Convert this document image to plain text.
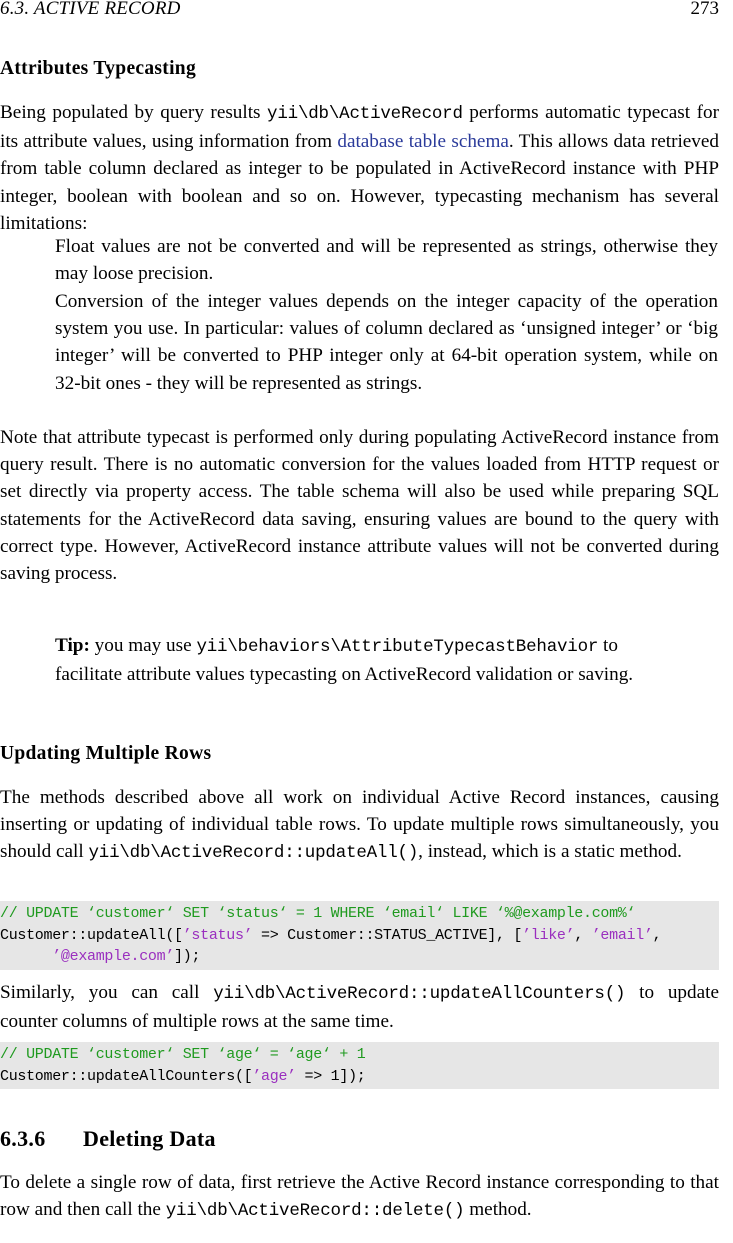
6.3. ACTIVE RECORD	273
Attributes Typecasting

Being populated by query results yii\db\ActiveRecord performs automatic typecast for its attribute values, using information from database table schema. This allows data retrieved from table column declared as integer to be populated in ActiveRecord instance with PHP integer, boolean with boolean and so on. However, typecasting mechanism has several limitations:

Float values are not be converted and will be represented as strings, otherwise they may loose precision.

Conversion of the integer values depends on the integer capacity of the operation system you use. In particular: values of column declared as ‘unsigned integer’ or ‘big integer’ will be converted to PHP integer only at 64-bit operation system, while on 32-bit ones - they will be represented as strings.

Note that attribute typecast is performed only during populating ActiveRecord instance from query result. There is no automatic conversion for the values loaded from HTTP request or set directly via property access. The table schema will also be used while preparing SQL statements for the ActiveRecord data saving, ensuring values are bound to the query with correct type. However, ActiveRecord instance attribute values will not be converted during saving process.

Tip: you may use yii\behaviors\AttributeTypecastBehavior to facilitate attribute values typecasting on ActiveRecord validation or saving.

Updating Multiple Rows

The methods described above all work on individual Active Record instances, causing inserting or updating of individual table rows. To update multiple rows simultaneously, you should call yii\db\ActiveRecord::updateAll(), instead, which is a static method.

// UPDATE ‘customer‘ SET ‘status‘ = 1 WHERE ‘email‘ LIKE ‘%@example.com%‘
Customer::updateAll([’status’ => Customer::STATUS_ACTIVE], [’like’, ’email’,
’@example.com’]);

Similarly, you can call yii\db\ActiveRecord::updateAllCounters() to update counter columns of multiple rows at the same time.

// UPDATE ‘customer‘ SET ‘age‘ = ‘age‘ + 1
Customer::updateAllCounters([’age’ => 1]);
6.3.6 Deleting Data

To delete a single row of data, first retrieve the Active Record instance corresponding to that row and then call the yii\db\ActiveRecord::delete() method.
